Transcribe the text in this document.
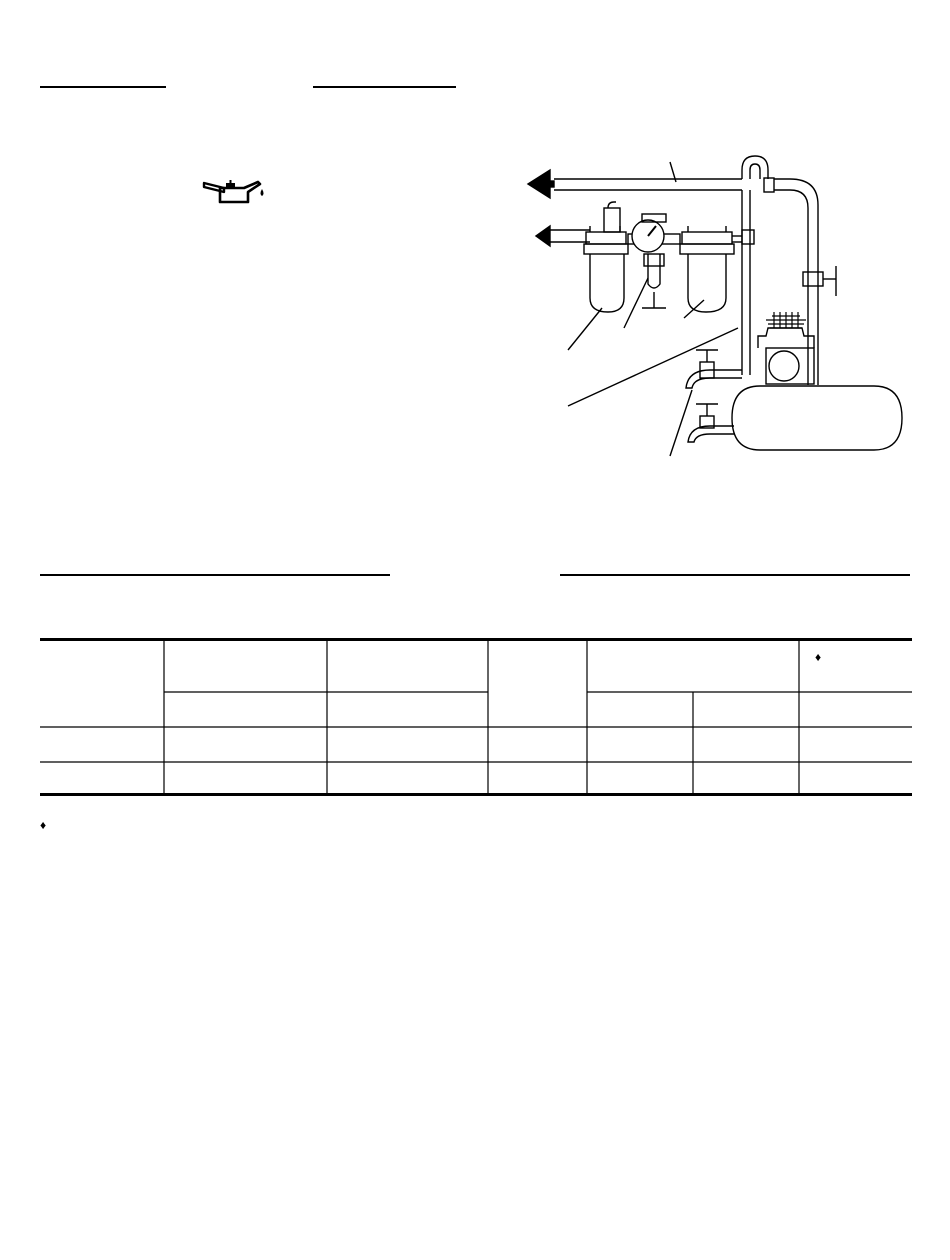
♦
♦
